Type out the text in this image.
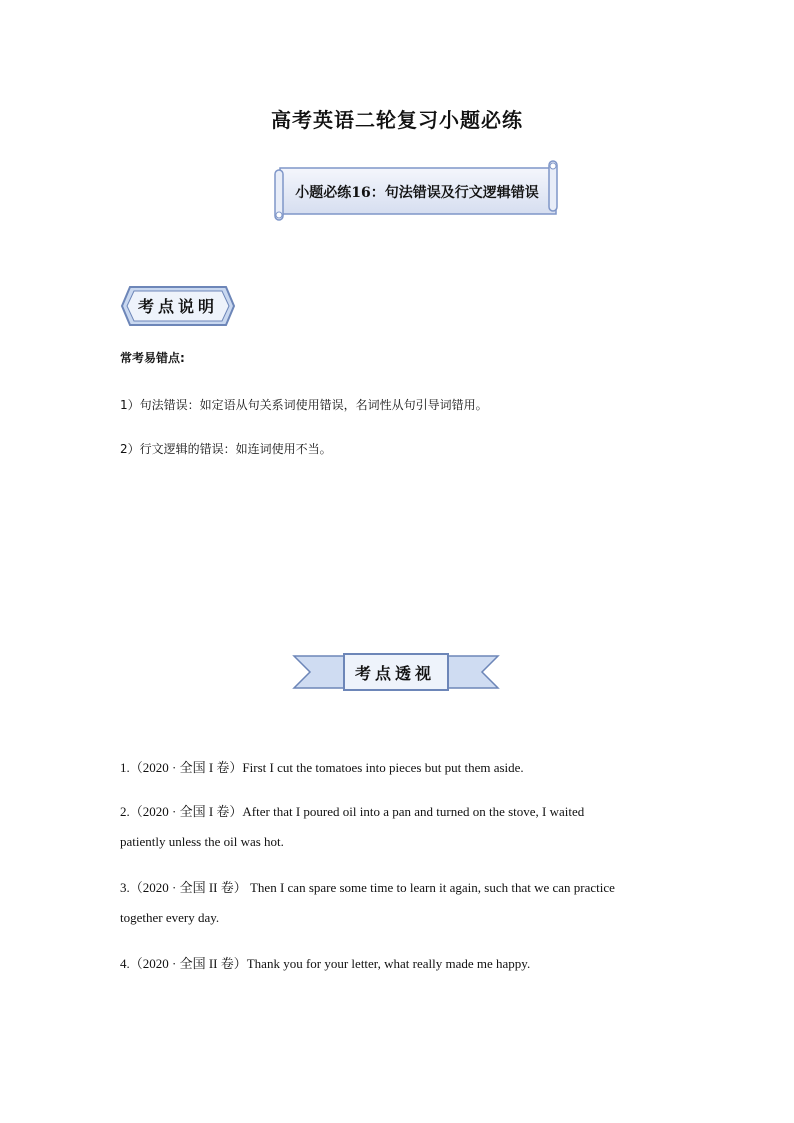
高考英语二轮复习小题必练
小题必练16：句法错误及行文逻辑错误
考点说明
常考易错点:
1）句法错误：如定语从句关系词使用错误，名词性从句引导词错用。
2）行文逻辑的错误：如连词使用不当。
考点透视
1.（2020 · 全国 I 卷）First I cut the tomatoes into pieces but put them aside.
2.（2020 · 全国 I 卷）After that I poured oil into a pan and turned on the stove, I waited
patiently unless the oil was hot.
3.（2020 · 全国 II 卷） Then I can spare some time to learn it again, such that we can practice
together every day.
4.（2020 · 全国 II 卷）Thank you for your letter, what really made me happy.
